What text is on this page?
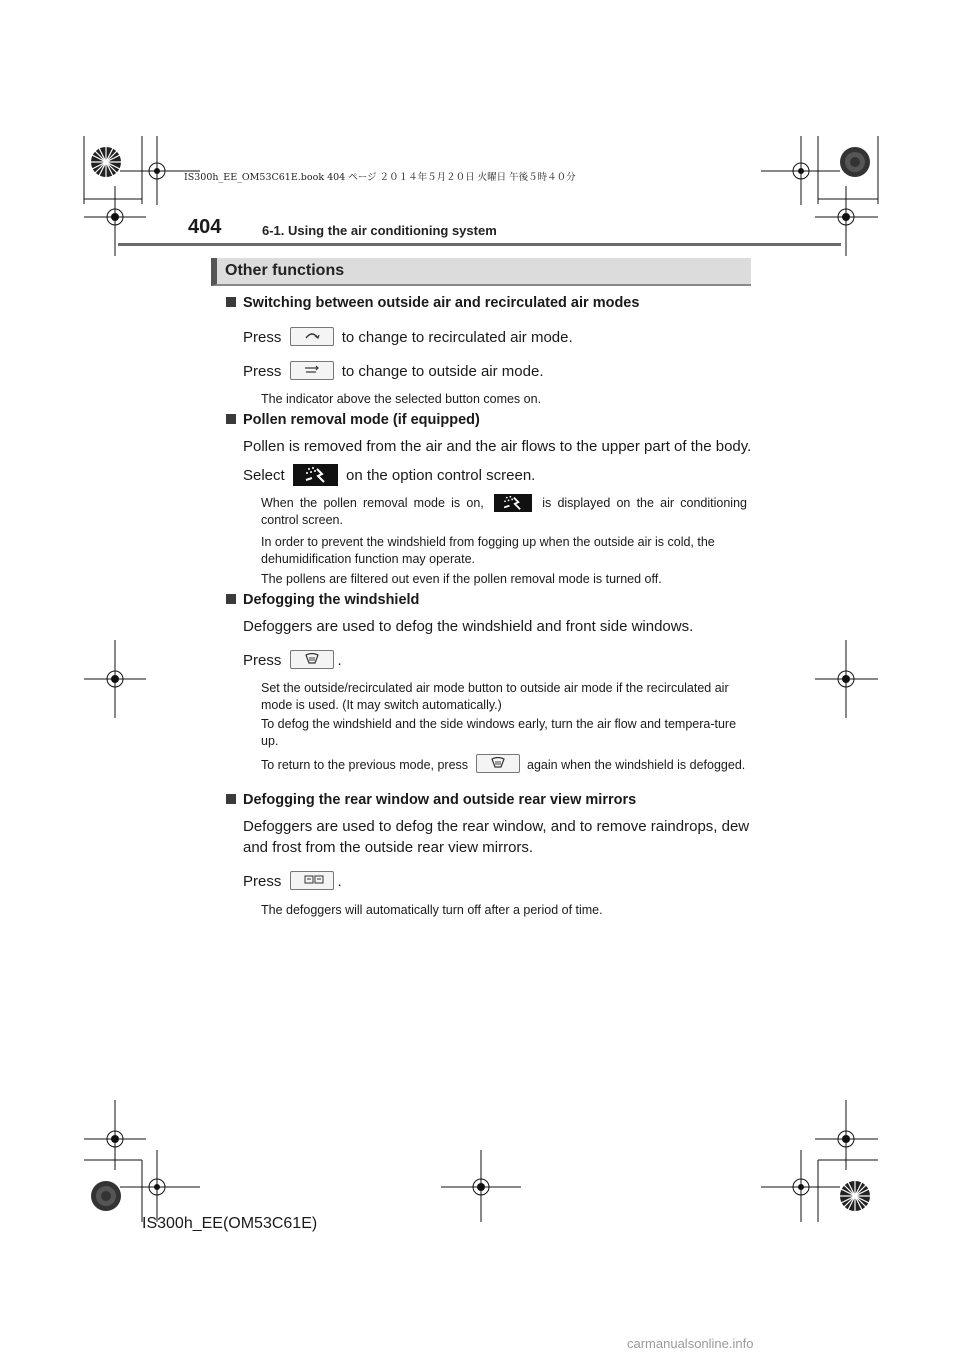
IS300h_EE_OM53C61E.book 404 ページ ２０１４年５月２０日 火曜日 午後５時４０分
404	6-1. Using the air conditioning system
Other functions
Switching between outside air and recirculated air modes
Press	to change to recirculated air mode.
Press	to change to outside air mode.
The indicator above the selected button comes on.
Pollen removal mode (if equipped)
Pollen is removed from the air and the air flows to the upper part of the body.
Select	on the option control screen.
When the pollen removal mode is on,	is displayed on the air conditioning control screen.
In order to prevent the windshield from fogging up when the outside air is cold, the dehumidification function may operate.
The pollens are filtered out even if the pollen removal mode is turned off.
Defogging the windshield
Defoggers are used to defog the windshield and front side windows.
Press	.
Set the outside/recirculated air mode button to outside air mode if the recirculated air mode is used. (It may switch automatically.)
To defog the windshield and the side windows early, turn the air flow and tempera-ture up.
To return to the previous mode, press	again when the windshield is defogged.
Defogging the rear window and outside rear view mirrors
Defoggers are used to defog the rear window, and to remove raindrops, dew
and frost from the outside rear view mirrors.
Press	.
The defoggers will automatically turn off after a period of time.
IS300h_EE(OM53C61E)
carmanualsonline.info
